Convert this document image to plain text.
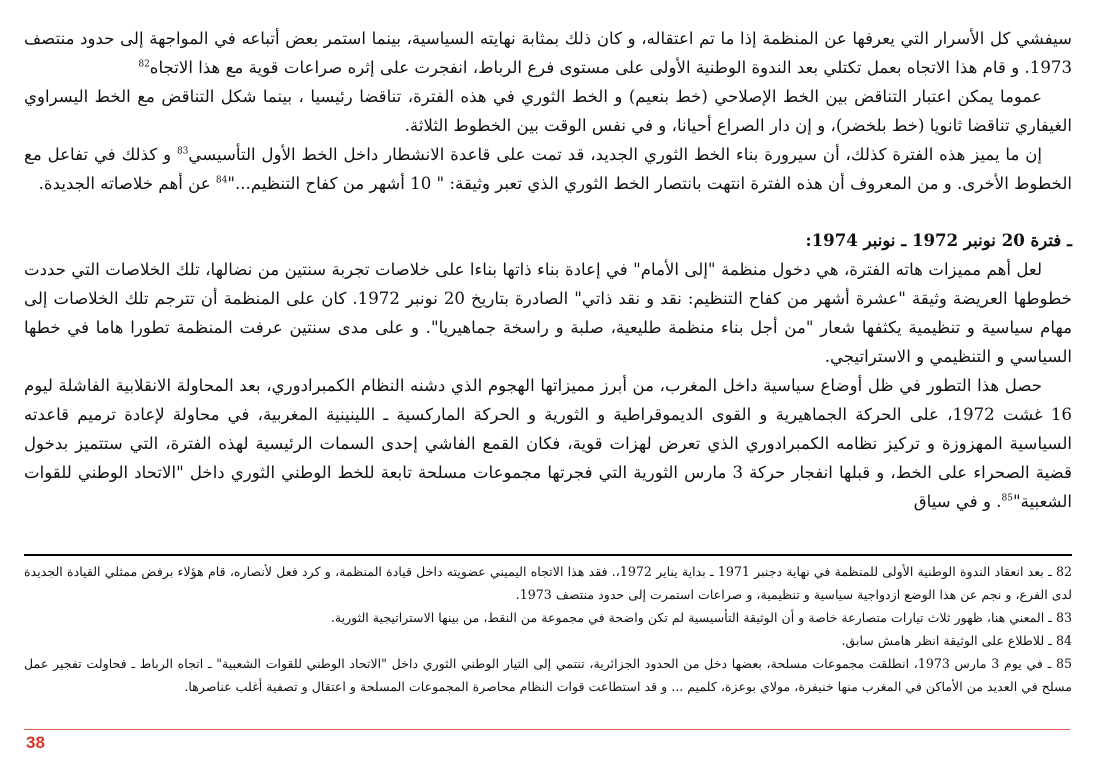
سيفشي كل الأسرار التي يعرفها عن المنظمة إذا ما تم اعتقاله، و كان ذلك بمثابة نهايته السياسية، بينما استمر بعض أتباعه في المواجهة إلى حدود منتصف 1973. و قام هذا الاتجاه بعمل تكتلي بعد الندوة الوطنية الأولى على مستوى فرع الرباط، انفجرت على إثره صراعات قوية مع هذا الاتجاه$^{82}$

عموما يمكن اعتبار التناقض بين الخط الإصلاحي (خط بنعيم) و الخط الثوري في هذه الفترة، تناقضا رئيسيا ، بينما شكل التناقض مع الخط اليسراوي الغيفاري تناقضا ثانويا (خط بلخضر)، و إن دار الصراع أحيانا، و في نفس الوقت بين الخطوط الثلاثة.

إن ما يميز هذه الفترة كذلك، أن سيرورة بناء الخط الثوري الجديد، قد تمت على قاعدة الانشطار داخل الخط الأول التأسيسي$^{83}$ و كذلك في تفاعل مع الخطوط الأخرى. و من المعروف أن هذه الفترة انتهت بانتصار الخط الثوري الذي تعبر وثيقة: " 10 أشهر من كفاح التنظيم..."$^{84}$ عن أهم خلاصاته الجديدة.

ـ فترة 20 نونبر 1972 ـ نونبر 1974:

لعل أهم مميزات هاته الفترة، هي دخول منظمة "إلى الأمام" في إعادة بناء ذاتها بناءا على خلاصات تجربة سنتين من نضالها، تلك الخلاصات التي حددت خطوطها العريضة وثيقة "عشرة أشهر من كفاح التنظيم: نقد و نقد ذاتي" الصادرة بتاريخ 20 نونبر 1972. كان على المنظمة أن تترجم تلك الخلاصات إلى مهام سياسية و تنظيمية يكثفها شعار "من أجل بناء منظمة طليعية، صلبة و راسخة جماهيريا". و على مدى سنتين عرفت المنظمة تطورا هاما في خطها السياسي و التنظيمي و الاستراتيجي.

حصل هذا التطور في ظل أوضاع سياسية داخل المغرب، من أبرز مميزاتها الهجوم الذي دشنه النظام الكمبرادوري، بعد المحاولة الانقلابية الفاشلة ليوم 16 غشت 1972، على الحركة الجماهيرية و القوى الديموقراطية و الثورية و الحركة الماركسية ـ اللينينية المغربية، في محاولة لإعادة ترميم قاعدته السياسية المهزوزة و تركيز نظامه الكمبرادوري الذي تعرض لهزات قوية، فكان القمع الفاشي إحدى السمات الرئيسية لهذه الفترة، التي ستتميز بدخول قضية الصحراء على الخط، و قبلها انفجار حركة 3 مارس الثورية التي فجرتها مجموعات مسلحة تابعة للخط الوطني الثوري داخل "الاتحاد الوطني للقوات الشعبية"$^{85}$. و في سياق

82 ـ بعد انعقاد الندوة الوطنية الأولى للمنظمة في نهاية دجنبر 1971 ـ بداية يناير 1972،. فقد هذا الاتجاه اليميني عضويته داخل قيادة المنظمة، و كرد فعل لأنصاره، قام هؤلاء برفض ممثلي القيادة الجديدة لدى الفرع، و نجم عن هذا الوضع ازدواجية سياسية و تنظيمية، و صراعات استمرت إلى حدود منتصف 1973.

83 ـ المعني هنا، ظهور ثلاث تيارات متصارعة خاصة و أن الوثيقة التأسيسية لم تكن واضحة في مجموعة من النقط، من بينها الاستراتيجية الثورية.

84 ـ للاطلاع على الوثيقة انظر هامش سابق.

85 ـ في يوم 3 مارس 1973، انطلقت مجموعات مسلحة، بعضها دخل من الحدود الجزائرية، تنتمي إلى التيار الوطني الثوري داخل "الاتحاد الوطني للقوات الشعبية" ـ اتجاه الرباط ـ فحاولت تفجير عمل مسلح في العديد من الأماكن في المغرب منها خنيفرة، مولاي بوعزة، كلميم ... و قد استطاعت قوات النظام محاصرة المجموعات المسلحة و اعتقال و تصفية أغلب عناصرها.

38
